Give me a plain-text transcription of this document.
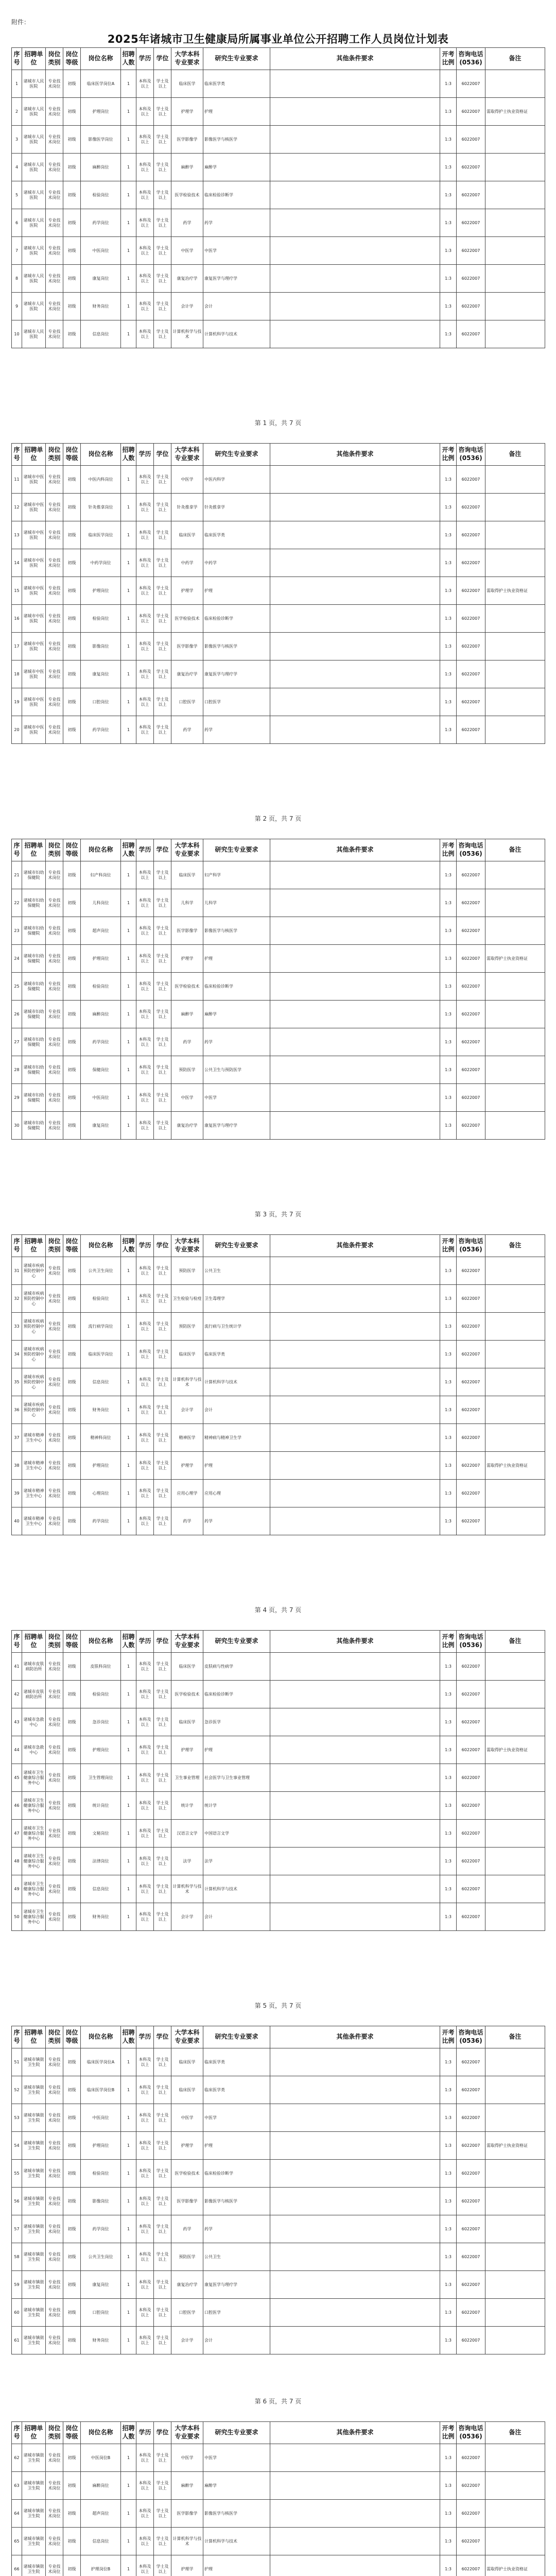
附件：
2025年诸城市卫生健康局所属事业单位公开招聘工作人员岗位计划表
序号	招聘单位	岗位类别	岗位等级	岗位名称	招聘人数	学历	学位	大学本科专业要求	研究生专业要求	其他条件要求	开考比例	咨询电话(0536)	备注
1	诸城市人民医院	专业技术岗位	初级	临床医学岗位A	1	本科及以上	学士及以上	临床医学	临床医学类		1:3	6022007	
2	诸城市人民医院	专业技术岗位	初级	护理岗位	1	本科及以上	学士及以上	护理学	护理		1:3	6022007	需取得护士执业资格证
3	诸城市人民医院	专业技术岗位	初级	影像医学岗位	1	本科及以上	学士及以上	医学影像学	影像医学与核医学		1:3	6022007	
4	诸城市人民医院	专业技术岗位	初级	麻醉岗位	1	本科及以上	学士及以上	麻醉学	麻醉学		1:3	6022007	
5	诸城市人民医院	专业技术岗位	初级	检验岗位	1	本科及以上	学士及以上	医学检验技术	临床检验诊断学		1:3	6022007	
6	诸城市人民医院	专业技术岗位	初级	药学岗位	1	本科及以上	学士及以上	药学	药学		1:3	6022007	
7	诸城市人民医院	专业技术岗位	初级	中医岗位	1	本科及以上	学士及以上	中医学	中医学		1:3	6022007	
8	诸城市人民医院	专业技术岗位	初级	康复岗位	1	本科及以上	学士及以上	康复治疗学	康复医学与理疗学		1:3	6022007	
9	诸城市人民医院	专业技术岗位	初级	财务岗位	1	本科及以上	学士及以上	会计学	会计		1:3	6022007	
10	诸城市人民医院	专业技术岗位	初级	信息岗位	1	本科及以上	学士及以上	计算机科学与技术	计算机科学与技术		1:3	6022007	
第 1 页，共 7 页
序号	招聘单位	岗位类别	岗位等级	岗位名称	招聘人数	学历	学位	大学本科专业要求	研究生专业要求	其他条件要求	开考比例	咨询电话(0536)	备注
11	诸城市中医医院	专业技术岗位	初级	中医内科岗位	1	本科及以上	学士及以上	中医学	中医内科学		1:3	6022007	
12	诸城市中医医院	专业技术岗位	初级	针灸推拿岗位	1	本科及以上	学士及以上	针灸推拿学	针灸推拿学		1:3	6022007	
13	诸城市中医医院	专业技术岗位	初级	临床医学岗位	1	本科及以上	学士及以上	临床医学	临床医学类		1:3	6022007	
14	诸城市中医医院	专业技术岗位	初级	中药学岗位	1	本科及以上	学士及以上	中药学	中药学		1:3	6022007	
15	诸城市中医医院	专业技术岗位	初级	护理岗位	1	本科及以上	学士及以上	护理学	护理		1:3	6022007	需取得护士执业资格证
16	诸城市中医医院	专业技术岗位	初级	检验岗位	1	本科及以上	学士及以上	医学检验技术	临床检验诊断学		1:3	6022007	
17	诸城市中医医院	专业技术岗位	初级	影像岗位	1	本科及以上	学士及以上	医学影像学	影像医学与核医学		1:3	6022007	
18	诸城市中医医院	专业技术岗位	初级	康复岗位	1	本科及以上	学士及以上	康复治疗学	康复医学与理疗学		1:3	6022007	
19	诸城市中医医院	专业技术岗位	初级	口腔岗位	1	本科及以上	学士及以上	口腔医学	口腔医学		1:3	6022007	
20	诸城市中医医院	专业技术岗位	初级	药学岗位	1	本科及以上	学士及以上	药学	药学		1:3	6022007	
第 2 页，共 7 页
序号	招聘单位	岗位类别	岗位等级	岗位名称	招聘人数	学历	学位	大学本科专业要求	研究生专业要求	其他条件要求	开考比例	咨询电话(0536)	备注
21	诸城市妇幼保健院	专业技术岗位	初级	妇产科岗位	1	本科及以上	学士及以上	临床医学	妇产科学		1:3	6022007	
22	诸城市妇幼保健院	专业技术岗位	初级	儿科岗位	1	本科及以上	学士及以上	儿科学	儿科学		1:3	6022007	
23	诸城市妇幼保健院	专业技术岗位	初级	超声岗位	1	本科及以上	学士及以上	医学影像学	影像医学与核医学		1:3	6022007	
24	诸城市妇幼保健院	专业技术岗位	初级	护理岗位	1	本科及以上	学士及以上	护理学	护理		1:3	6022007	需取得护士执业资格证
25	诸城市妇幼保健院	专业技术岗位	初级	检验岗位	1	本科及以上	学士及以上	医学检验技术	临床检验诊断学		1:3	6022007	
26	诸城市妇幼保健院	专业技术岗位	初级	麻醉岗位	1	本科及以上	学士及以上	麻醉学	麻醉学		1:3	6022007	
27	诸城市妇幼保健院	专业技术岗位	初级	药学岗位	1	本科及以上	学士及以上	药学	药学		1:3	6022007	
28	诸城市妇幼保健院	专业技术岗位	初级	保健岗位	1	本科及以上	学士及以上	预防医学	公共卫生与预防医学		1:3	6022007	
29	诸城市妇幼保健院	专业技术岗位	初级	中医岗位	1	本科及以上	学士及以上	中医学	中医学		1:3	6022007	
30	诸城市妇幼保健院	专业技术岗位	初级	康复岗位	1	本科及以上	学士及以上	康复治疗学	康复医学与理疗学		1:3	6022007	
第 3 页，共 7 页
序号	招聘单位	岗位类别	岗位等级	岗位名称	招聘人数	学历	学位	大学本科专业要求	研究生专业要求	其他条件要求	开考比例	咨询电话(0536)	备注
31	诸城市疾病预防控制中心	专业技术岗位	初级	公共卫生岗位	1	本科及以上	学士及以上	预防医学	公共卫生		1:3	6022007	
32	诸城市疾病预防控制中心	专业技术岗位	初级	检验岗位	1	本科及以上	学士及以上	卫生检验与检疫	卫生毒理学		1:3	6022007	
33	诸城市疾病预防控制中心	专业技术岗位	初级	流行病学岗位	1	本科及以上	学士及以上	预防医学	流行病与卫生统计学		1:3	6022007	
34	诸城市疾病预防控制中心	专业技术岗位	初级	临床医学岗位	1	本科及以上	学士及以上	临床医学	临床医学类		1:3	6022007	
35	诸城市疾病预防控制中心	专业技术岗位	初级	信息岗位	1	本科及以上	学士及以上	计算机科学与技术	计算机科学与技术		1:3	6022007	
36	诸城市疾病预防控制中心	专业技术岗位	初级	财务岗位	1	本科及以上	学士及以上	会计学	会计		1:3	6022007	
37	诸城市精神卫生中心	专业技术岗位	初级	精神科岗位	1	本科及以上	学士及以上	精神医学	精神病与精神卫生学		1:3	6022007	
38	诸城市精神卫生中心	专业技术岗位	初级	护理岗位	1	本科及以上	学士及以上	护理学	护理		1:3	6022007	需取得护士执业资格证
39	诸城市精神卫生中心	专业技术岗位	初级	心理岗位	1	本科及以上	学士及以上	应用心理学	应用心理		1:3	6022007	
40	诸城市精神卫生中心	专业技术岗位	初级	药学岗位	1	本科及以上	学士及以上	药学	药学		1:3	6022007	
第 4 页，共 7 页
序号	招聘单位	岗位类别	岗位等级	岗位名称	招聘人数	学历	学位	大学本科专业要求	研究生专业要求	其他条件要求	开考比例	咨询电话(0536)	备注
41	诸城市皮肤病防治所	专业技术岗位	初级	皮肤科岗位	1	本科及以上	学士及以上	临床医学	皮肤病与性病学		1:3	6022007	
42	诸城市皮肤病防治所	专业技术岗位	初级	检验岗位	1	本科及以上	学士及以上	医学检验技术	临床检验诊断学		1:3	6022007	
43	诸城市急救中心	专业技术岗位	初级	急诊岗位	1	本科及以上	学士及以上	临床医学	急诊医学		1:3	6022007	
44	诸城市急救中心	专业技术岗位	初级	护理岗位	1	本科及以上	学士及以上	护理学	护理		1:3	6022007	需取得护士执业资格证
45	诸城市卫生健康综合服务中心	专业技术岗位	初级	卫生管理岗位	1	本科及以上	学士及以上	卫生事业管理	社会医学与卫生事业管理		1:3	6022007	
46	诸城市卫生健康综合服务中心	专业技术岗位	初级	统计岗位	1	本科及以上	学士及以上	统计学	统计学		1:3	6022007	
47	诸城市卫生健康综合服务中心	专业技术岗位	初级	文秘岗位	1	本科及以上	学士及以上	汉语言文学	中国语言文学		1:3	6022007	
48	诸城市卫生健康综合服务中心	专业技术岗位	初级	法律岗位	1	本科及以上	学士及以上	法学	法学		1:3	6022007	
49	诸城市卫生健康综合服务中心	专业技术岗位	初级	信息岗位	1	本科及以上	学士及以上	计算机科学与技术	计算机科学与技术		1:3	6022007	
50	诸城市卫生健康综合服务中心	专业技术岗位	初级	财务岗位	1	本科及以上	学士及以上	会计学	会计		1:3	6022007	
第 5 页，共 7 页
序号	招聘单位	岗位类别	岗位等级	岗位名称	招聘人数	学历	学位	大学本科专业要求	研究生专业要求	其他条件要求	开考比例	咨询电话(0536)	备注
51	诸城市镇街卫生院	专业技术岗位	初级	临床医学岗位A	1	本科及以上	学士及以上	临床医学	临床医学类		1:3	6022007	
52	诸城市镇街卫生院	专业技术岗位	初级	临床医学岗位B	1	本科及以上	学士及以上	临床医学	临床医学类		1:3	6022007	
53	诸城市镇街卫生院	专业技术岗位	初级	中医岗位	1	本科及以上	学士及以上	中医学	中医学		1:3	6022007	
54	诸城市镇街卫生院	专业技术岗位	初级	护理岗位	1	本科及以上	学士及以上	护理学	护理		1:3	6022007	需取得护士执业资格证
55	诸城市镇街卫生院	专业技术岗位	初级	检验岗位	1	本科及以上	学士及以上	医学检验技术	临床检验诊断学		1:3	6022007	
56	诸城市镇街卫生院	专业技术岗位	初级	影像岗位	1	本科及以上	学士及以上	医学影像学	影像医学与核医学		1:3	6022007	
57	诸城市镇街卫生院	专业技术岗位	初级	药学岗位	1	本科及以上	学士及以上	药学	药学		1:3	6022007	
58	诸城市镇街卫生院	专业技术岗位	初级	公共卫生岗位	1	本科及以上	学士及以上	预防医学	公共卫生		1:3	6022007	
59	诸城市镇街卫生院	专业技术岗位	初级	康复岗位	1	本科及以上	学士及以上	康复治疗学	康复医学与理疗学		1:3	6022007	
60	诸城市镇街卫生院	专业技术岗位	初级	口腔岗位	1	本科及以上	学士及以上	口腔医学	口腔医学		1:3	6022007	
61	诸城市镇街卫生院	专业技术岗位	初级	财务岗位	1	本科及以上	学士及以上	会计学	会计		1:3	6022007	
第 6 页，共 7 页
序号	招聘单位	岗位类别	岗位等级	岗位名称	招聘人数	学历	学位	大学本科专业要求	研究生专业要求	其他条件要求	开考比例	咨询电话(0536)	备注
62	诸城市镇街卫生院	专业技术岗位	初级	中医岗位B	1	本科及以上	学士及以上	中医学	中医学		1:3	6022007	
63	诸城市镇街卫生院	专业技术岗位	初级	麻醉岗位	1	本科及以上	学士及以上	麻醉学	麻醉学		1:3	6022007	
64	诸城市镇街卫生院	专业技术岗位	初级	超声岗位	1	本科及以上	学士及以上	医学影像学	影像医学与核医学		1:3	6022007	
65	诸城市镇街卫生院	专业技术岗位	初级	信息岗位	1	本科及以上	学士及以上	计算机科学与技术	计算机科学与技术		1:3	6022007	
66	诸城市镇街卫生院	专业技术岗位	初级	护理岗位B	1	本科及以上	学士及以上	护理学	护理		1:3	6022007	需取得护士执业资格证
